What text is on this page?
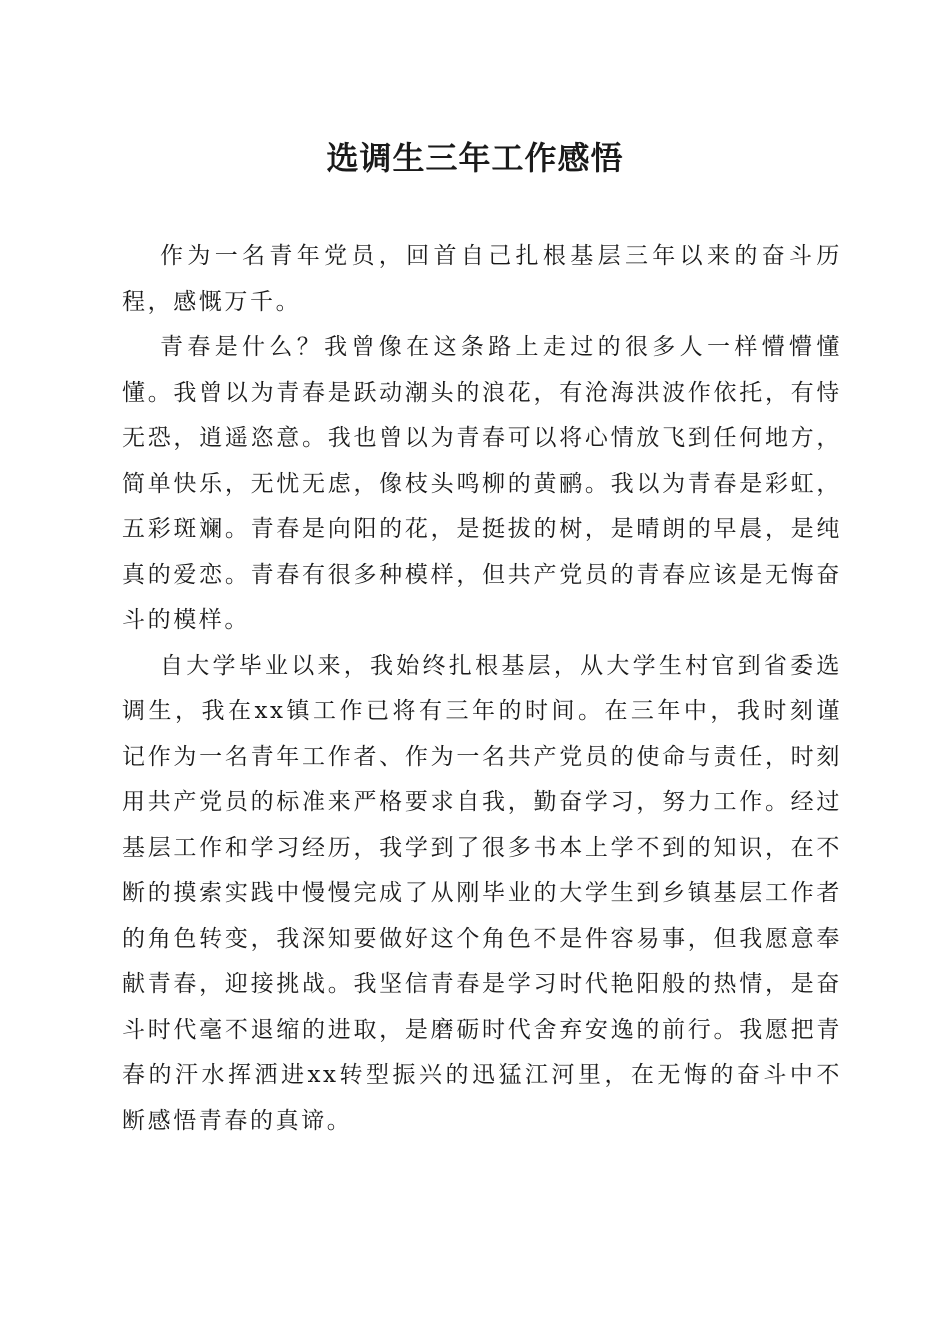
选调生三年工作感悟

作为一名青年党员，回首自己扎根基层三年以来的奋斗历程，感慨万千。

青春是什么？我曾像在这条路上走过的很多人一样懵懵懂懂。我曾以为青春是跃动潮头的浪花，有沧海洪波作依托，有恃无恐，逍遥恣意。我也曾以为青春可以将心情放飞到任何地方，简单快乐，无忧无虑，像枝头鸣柳的黄鹂。我以为青春是彩虹，五彩斑斓。青春是向阳的花，是挺拔的树，是晴朗的早晨，是纯真的爱恋。青春有很多种模样，但共产党员的青春应该是无悔奋斗的模样。

自大学毕业以来，我始终扎根基层，从大学生村官到省委选调生，我在xx镇工作已将有三年的时间。在三年中，我时刻谨记作为一名青年工作者、作为一名共产党员的使命与责任，时刻用共产党员的标准来严格要求自我，勤奋学习，努力工作。经过基层工作和学习经历，我学到了很多书本上学不到的知识，在不断的摸索实践中慢慢完成了从刚毕业的大学生到乡镇基层工作者的角色转变，我深知要做好这个角色不是件容易事，但我愿意奉献青春，迎接挑战。我坚信青春是学习时代艳阳般的热情，是奋斗时代毫不退缩的进取，是磨砺时代舍弃安逸的前行。我愿把青春的汗水挥洒进xx转型振兴的迅猛江河里，在无悔的奋斗中不断感悟青春的真谛。
